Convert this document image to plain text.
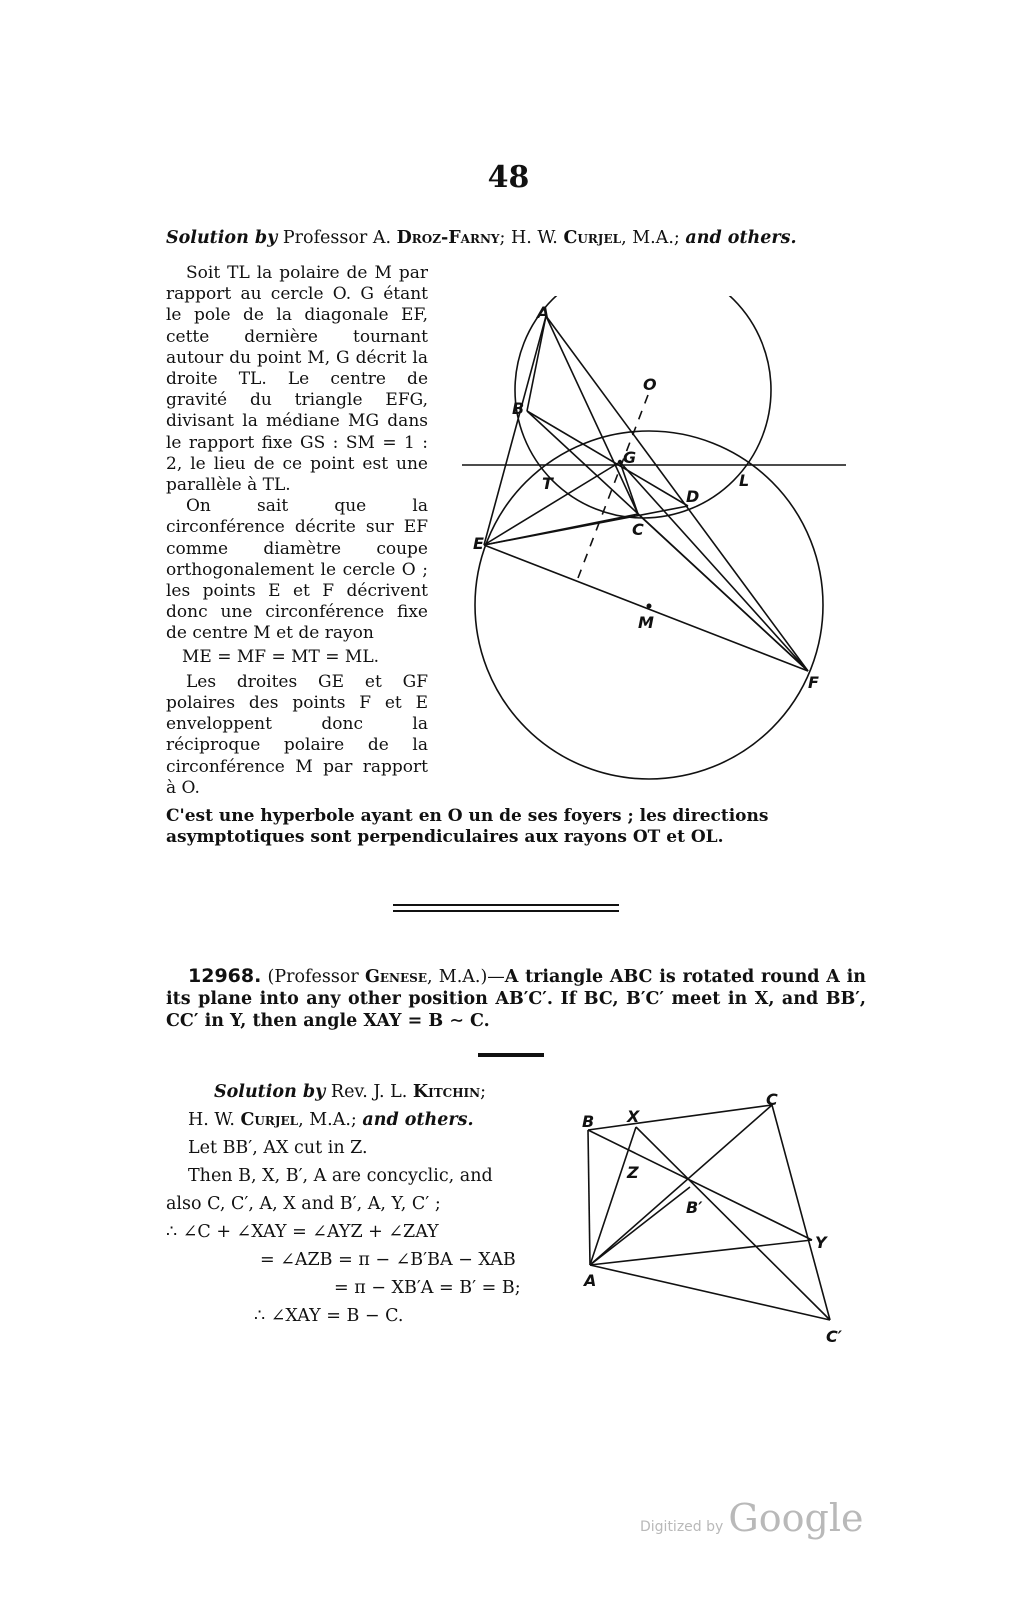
48
Solution by Professor A. Droz-Farny; H. W. Curjel, M.A.; and others.

Soit TL la polaire de M par rapport au cercle O. G étant le pole de la diagonale EF, cette dernière tournant autour du point M, G décrit la droite TL. Le centre de gravité du triangle EFG, divisant la médiane MG dans le rapport fixe GS : SM = 1 : 2, le lieu de ce point est une parallèle à TL.

On sait que la circonférence décrite sur EF comme diamètre coupe orthogonalement le cercle O ; les points E et F décrivent donc une circonférence fixe de centre M et de rayon

ME = MF = MT = ML.

Les droites GE et GF polaires des points F et E enveloppent donc la réciproque polaire de la circonférence M par rapport à O.

A
B
O
G
T
D
L
C
E
M
F

C'est une hyperbole ayant en O un de ses foyers ; les directions asymptotiques sont perpendiculaires aux rayons OT et OL.

12968. (Professor Genese, M.A.)—A triangle ABC is rotated round A in its plane into any other position AB′C′. If BC, B′C′ meet in X, and BB′, CC′ in Y, then angle XAY = B ∼ C.

Solution by Rev. J. L. Kitchin;

H. W. Curjel, M.A.; and others.

Let BB′, AX cut in Z.

Then B, X, B′, A are concyclic, and

also C, C′, A, X and B′, A, Y, C′ ;

∴ ∠C + ∠XAY = ∠AYZ + ∠ZAY

= ∠AZB = π − ∠B′BA − XAB

= π − XB′A = B′ = B;

∴ ∠XAY = B − C.

B X
C
Z
B′
Y
A
C′
Digitized by Google
